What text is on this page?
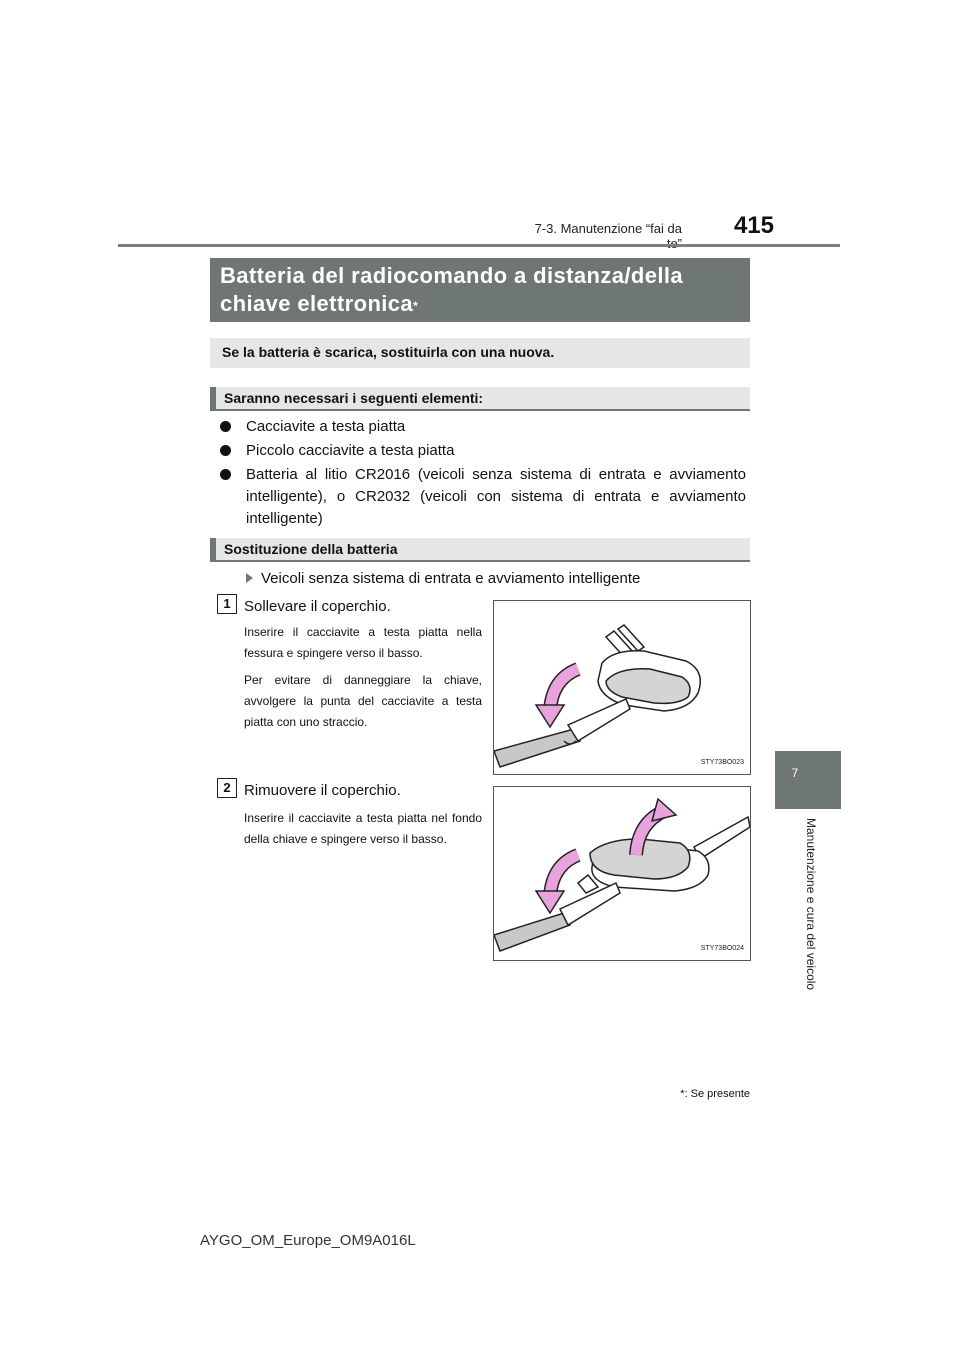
7-3. Manutenzione “fai da	415
7
Manutenzione e cura del veicolo
Batteria del radiocomando a distanza/della
chiave elettronica*
Se la batteria è scarica, sostituirla con una nuova.
Saranno necessari i seguenti elementi:
Cacciavite a testa piatta
Piccolo cacciavite a testa piatta
Batteria al litio CR2016 (veicoli senza sistema di entrata e avviamento intelligente), o CR2032 (veicoli con sistema di entrata e avviamento intelligente)
Sostituzione della batteria
Veicoli senza sistema di entrata e avviamento intelligente
1 Sollevare il coperchio.

Inserire il cacciavite a testa piatta nella fessura e spingere verso il basso.

Per evitare di danneggiare la chiave, avvolgere la punta del cacciavite a testa piatta con uno straccio.

STY73BO023
2 Rimuovere il coperchio.

Inserire il cacciavite a testa piatta nel fondo della chiave e spingere verso il basso.

STY73BO024
*: Se presente
AYGO_OM_Europe_OM9A016L
